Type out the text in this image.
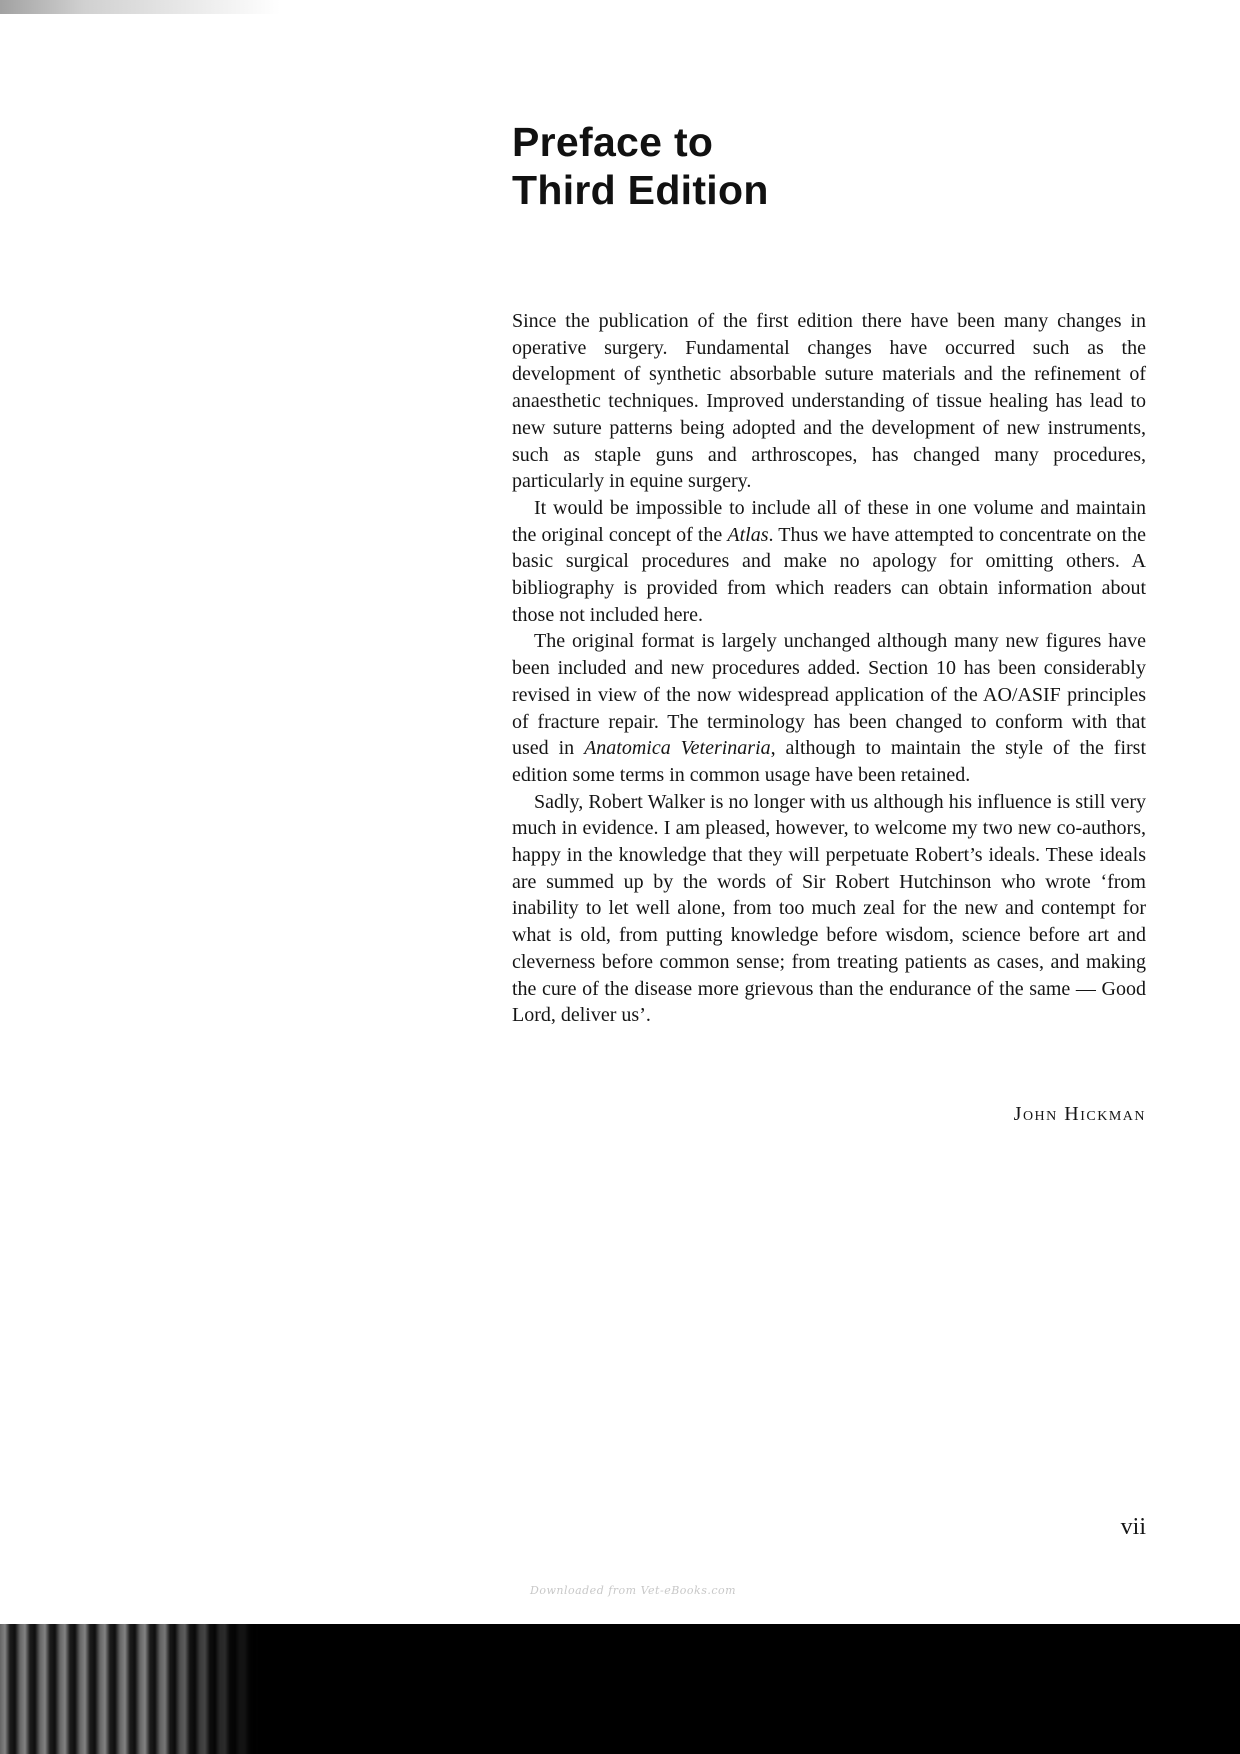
Preface to
Third Edition

Since the publication of the first edition there have been many changes in operative surgery. Fundamental changes have occurred such as the development of synthetic absorbable suture materials and the refinement of anaesthetic techniques. Improved understanding of tissue healing has lead to new suture patterns being adopted and the development of new instruments, such as staple guns and arthroscopes, has changed many procedures, particularly in equine surgery.

It would be impossible to include all of these in one volume and maintain the original concept of the Atlas. Thus we have attempted to concentrate on the basic surgical procedures and make no apology for omitting others. A bibliography is provided from which readers can obtain information about those not included here.

The original format is largely unchanged although many new figures have been included and new procedures added. Section 10 has been considerably revised in view of the now widespread application of the AO/ASIF principles of fracture repair. The terminology has been changed to conform with that used in Anatomica Veterinaria, although to maintain the style of the first edition some terms in common usage have been retained.

Sadly, Robert Walker is no longer with us although his influence is still very much in evidence. I am pleased, however, to welcome my two new co-authors, happy in the knowledge that they will perpetuate Robert’s ideals. These ideals are summed up by the words of Sir Robert Hutchinson who wrote ‘from inability to let well alone, from too much zeal for the new and contempt for what is old, from putting knowledge before wisdom, science before art and cleverness before common sense; from treating patients as cases, and making the cure of the disease more grievous than the endurance of the same — Good Lord, deliver us’.

John Hickman
vii
Downloaded from Vet-eBooks.com
